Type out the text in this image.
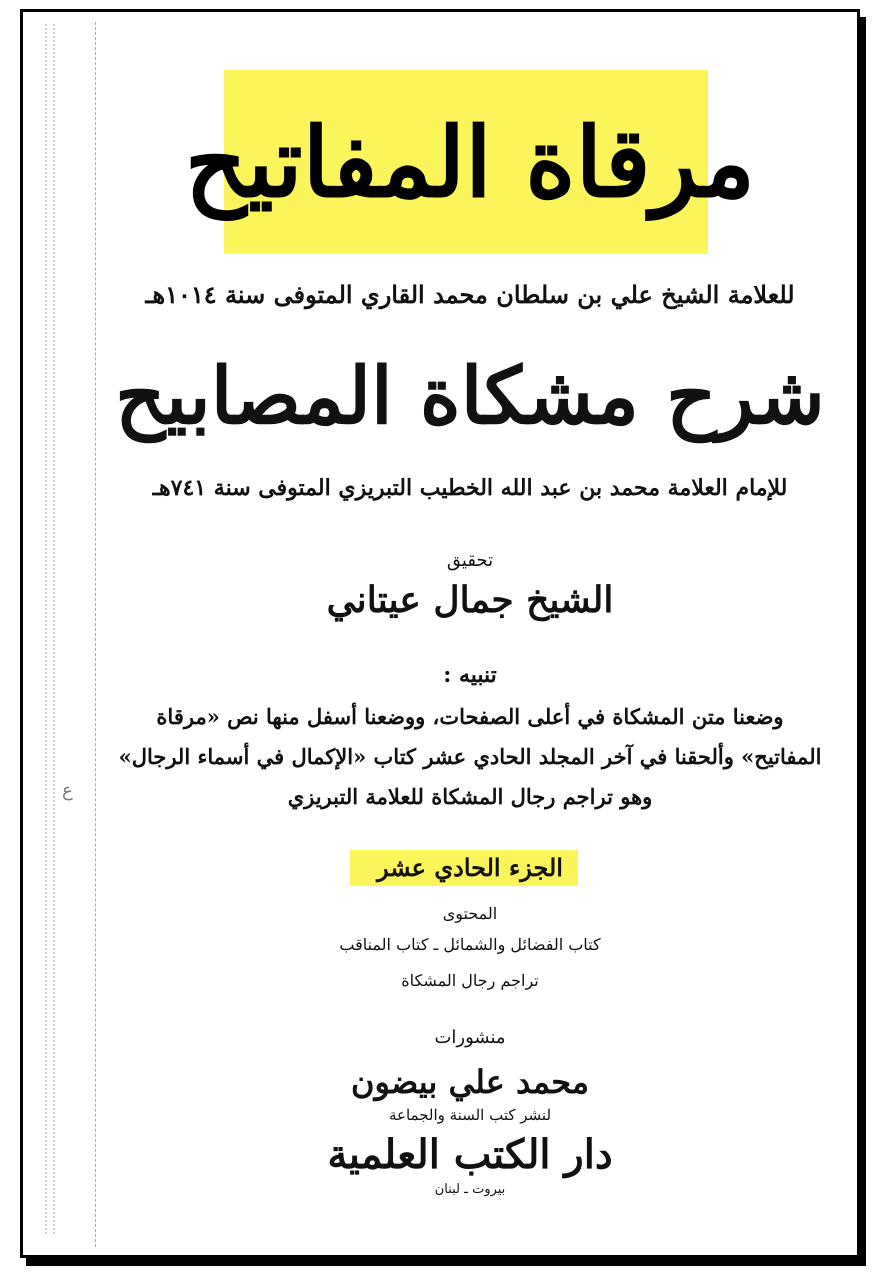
ع
مرقاة المفاتيح
للعلامة الشيخ علي بن سلطان محمد القاري المتوفى سنة ١٠١٤هـ
شرح مشكاة المصابيح
للإمام العلامة محمد بن عبد الله الخطيب التبريزي المتوفى سنة ٧٤١هـ
تحقيق
الشيخ جمال عيتاني
تنبيه :
وضعنا متن المشكاة في أعلى الصفحات، ووضعنا أسفل منها نص «مرقاة
المفاتيح» وألحقنا في آخر المجلد الحادي عشر كتاب «الإكمال في أسماء الرجال»
وهو تراجم رجال المشكاة للعلامة التبريزي
الجزء الحادي عشر
المحتوى
كتاب الفضائل والشمائل ـ كتاب المناقب
تراجم رجال المشكاة
منشورات
محمد علي بيضون
لنشر كتب السنة والجماعة
دار الكتب العلمية
بيروت ـ لبنان
